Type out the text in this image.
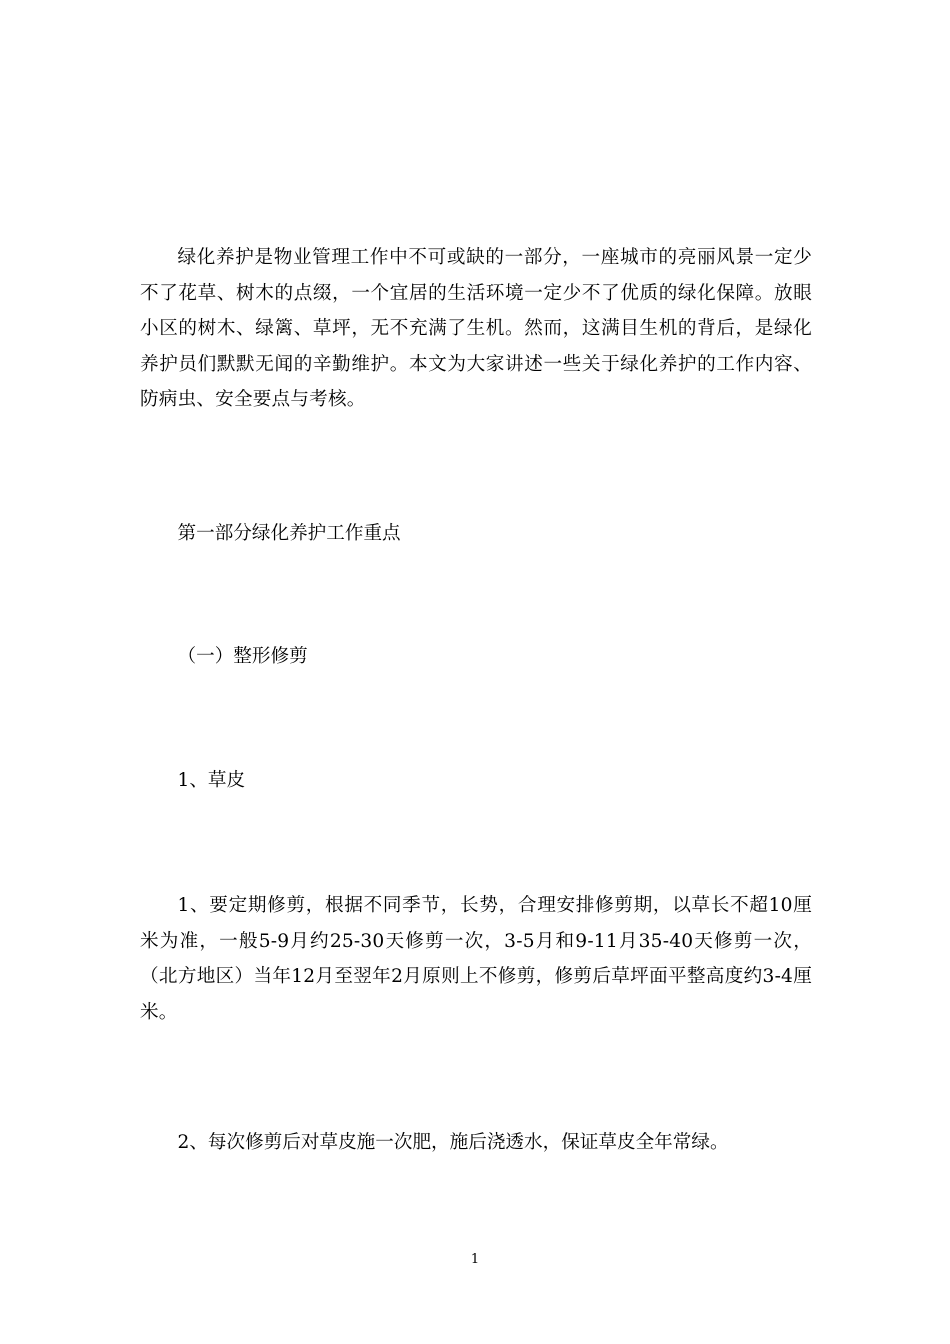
绿化养护是物业管理工作中不可或缺的一部分，一座城市的亮丽风景一定少不了花草、树木的点缀，一个宜居的生活环境一定少不了优质的绿化保障。放眼小区的树木、绿篱、草坪，无不充满了生机。然而，这满目生机的背后，是绿化养护员们默默无闻的辛勤维护。本文为大家讲述一些关于绿化养护的工作内容、防病虫、安全要点与考核。

第一部分绿化养护工作重点

（一）整形修剪

1、草皮

1、要定期修剪，根据不同季节，长势，合理安排修剪期，以草长不超10厘米为准，一般5-9月约25-30天修剪一次，3-5月和9-11月35-40天修剪一次，（北方地区）当年12月至翌年2月原则上不修剪，修剪后草坪面平整高度约3-4厘米。

2、每次修剪后对草皮施一次肥，施后浇透水，保证草皮全年常绿。

1
